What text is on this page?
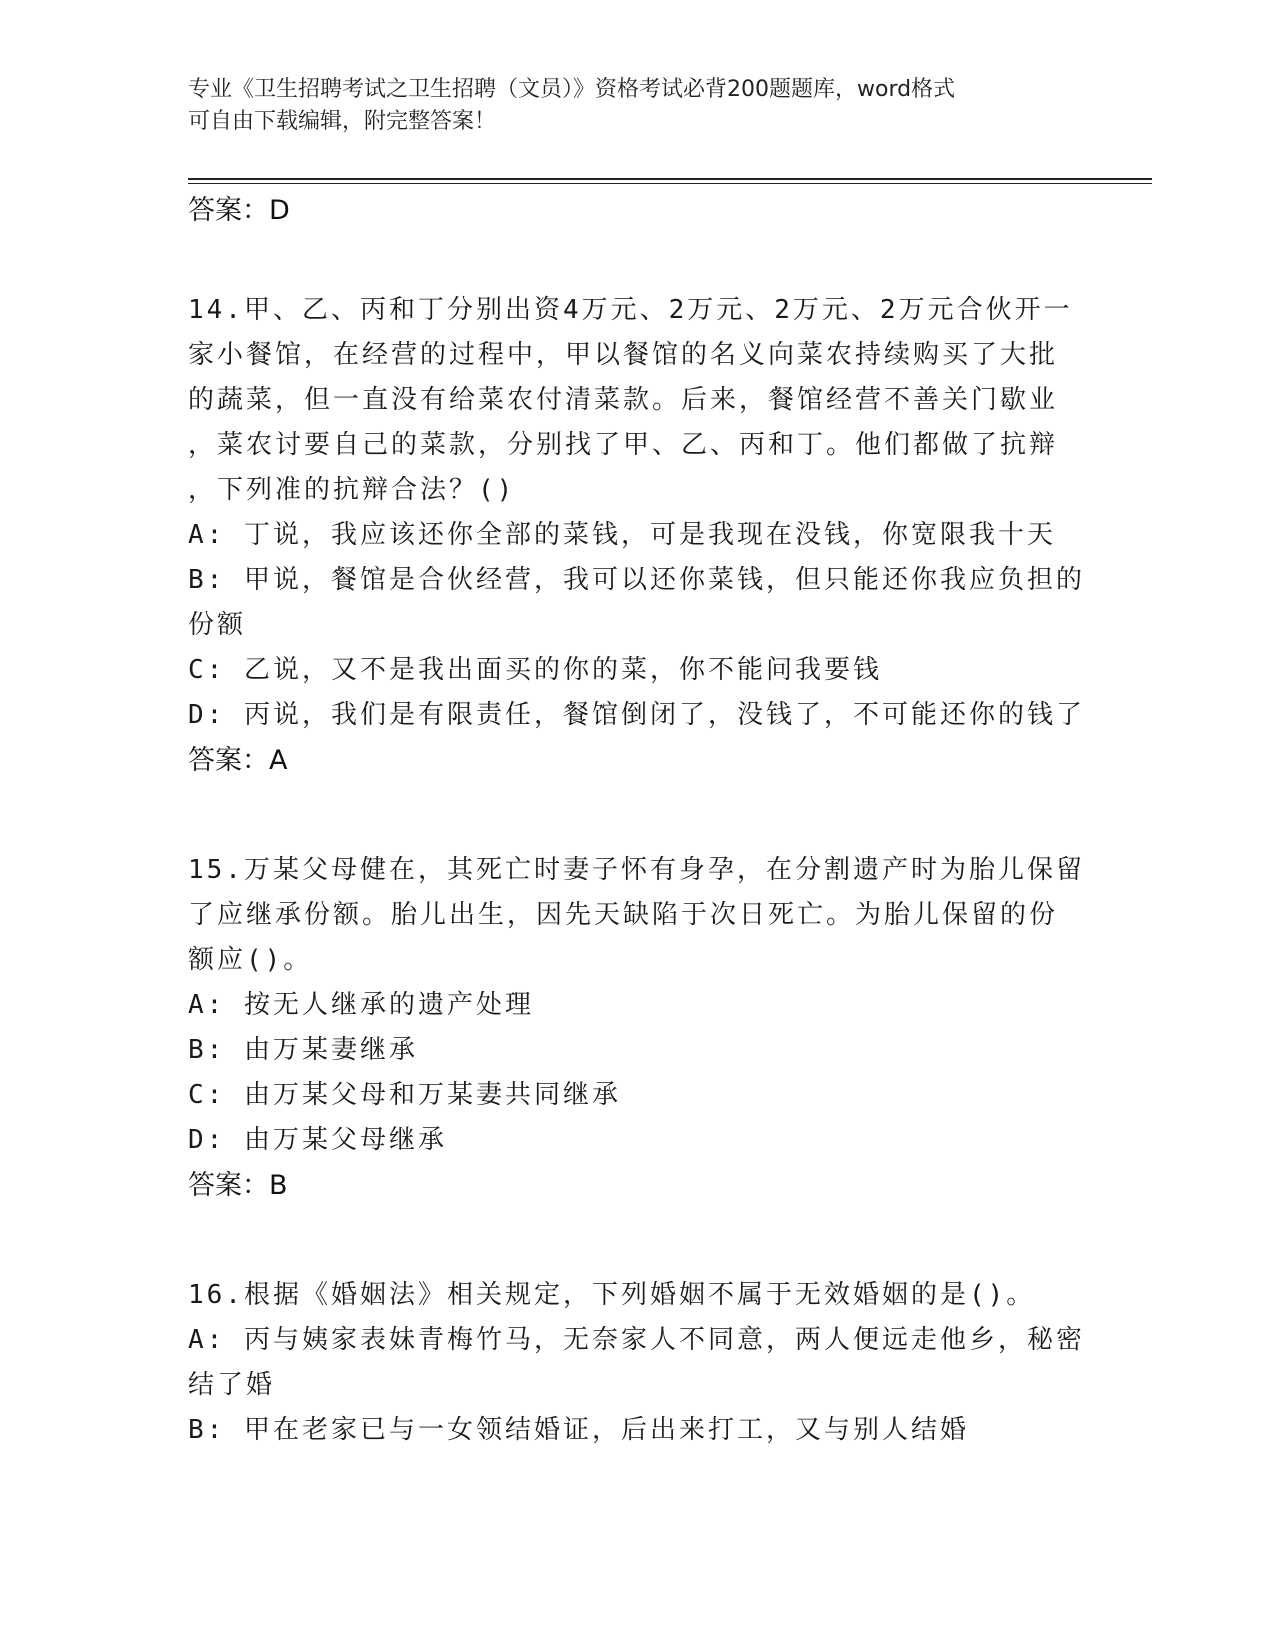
专业《卫生招聘考试之卫生招聘（文员）》资格考试必背200题题库，word格式
可自由下载编辑，附完整答案！
答案：D
14.甲、乙、丙和丁分别出资4万元、2万元、2万元、2万元合伙开一
家小餐馆，在经营的过程中，甲以餐馆的名义向菜农持续购买了大批
的蔬菜，但一直没有给菜农付清菜款。后来，餐馆经营不善关门歇业
，菜农讨要自己的菜款，分别找了甲、乙、丙和丁。他们都做了抗辩
，下列准的抗辩合法？()
A: 丁说，我应该还你全部的菜钱，可是我现在没钱，你宽限我十天
B: 甲说，餐馆是合伙经营，我可以还你菜钱，但只能还你我应负担的
份额
C: 乙说，又不是我出面买的你的菜，你不能问我要钱
D: 丙说，我们是有限责任，餐馆倒闭了，没钱了，不可能还你的钱了
答案：A
15.万某父母健在，其死亡时妻子怀有身孕，在分割遗产时为胎儿保留
了应继承份额。胎儿出生，因先天缺陷于次日死亡。为胎儿保留的份
额应()。
A: 按无人继承的遗产处理
B: 由万某妻继承
C: 由万某父母和万某妻共同继承
D: 由万某父母继承
答案：B
16.根据《婚姻法》相关规定，下列婚姻不属于无效婚姻的是()。
A: 丙与姨家表妹青梅竹马，无奈家人不同意，两人便远走他乡，秘密
结了婚
B: 甲在老家已与一女领结婚证，后出来打工，又与别人结婚
